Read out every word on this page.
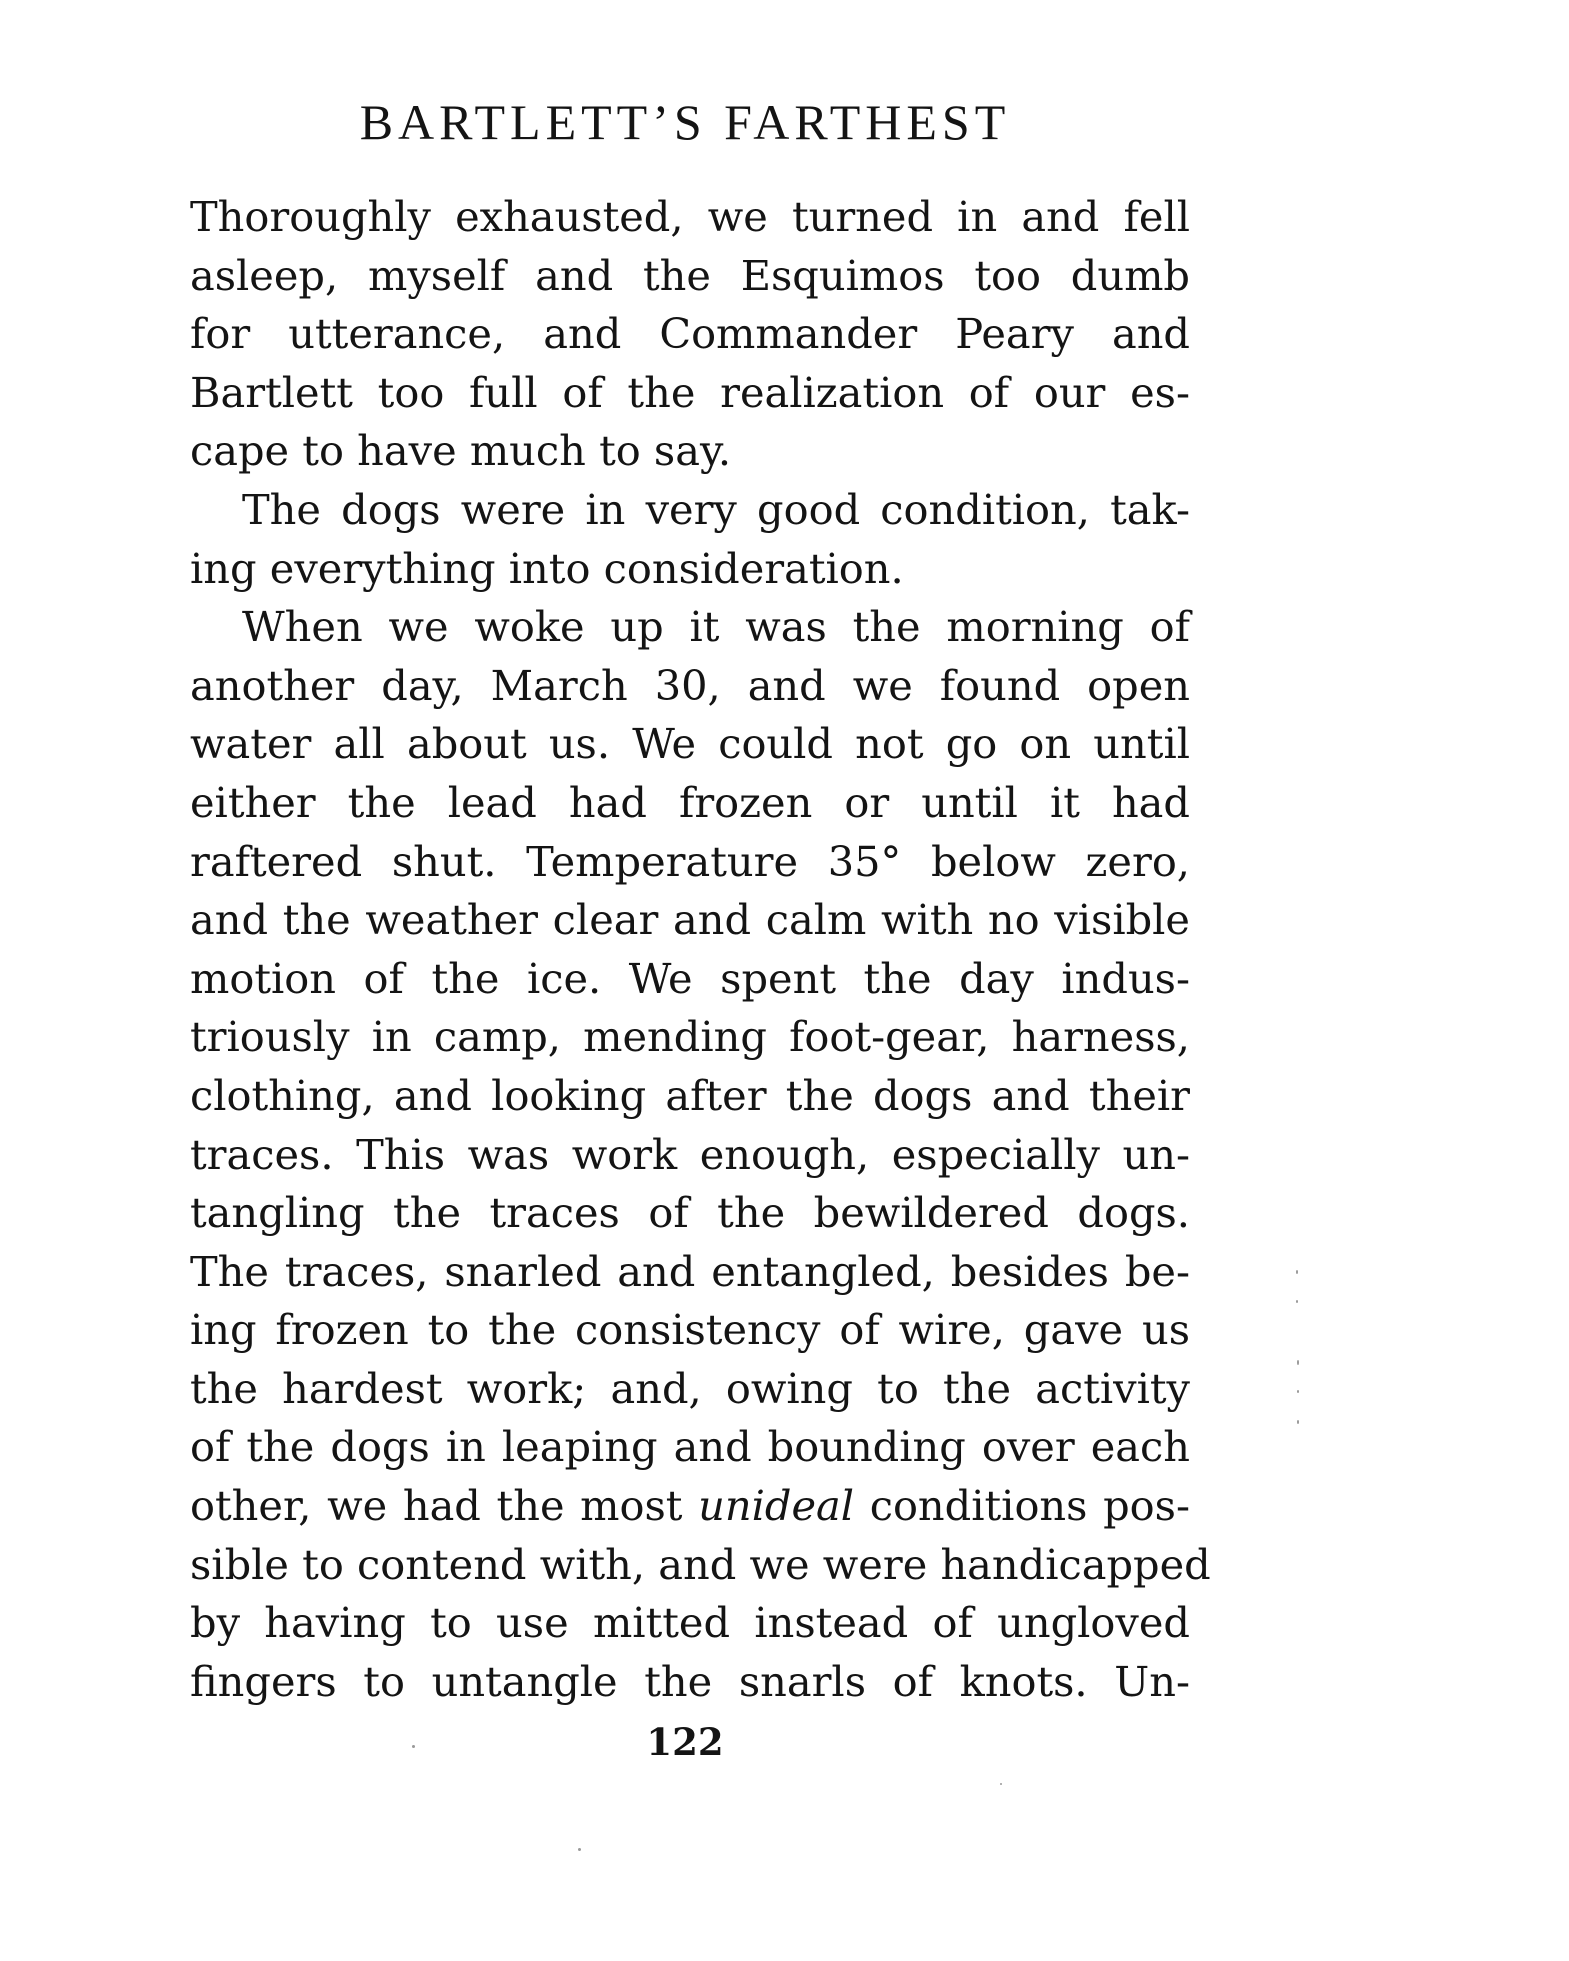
BARTLETT’S FARTHEST
Thoroughly exhausted, we turned in and fell
asleep, myself and the Esquimos too dumb
for utterance, and Commander Peary and
Bartlett too full of the realization of our es-
cape to have much to say.
The dogs were in very good condition, tak-
ing everything into consideration.
When we woke up it was the morning of
another day, March 30, and we found open
water all about us. We could not go on until
either the lead had frozen or until it had
raftered shut. Temperature 35° below zero,
and the weather clear and calm with no visible
motion of the ice. We spent the day indus-
triously in camp, mending foot-gear, harness,
clothing, and looking after the dogs and their
traces. This was work enough, especially un-
tangling the traces of the bewildered dogs.
The traces, snarled and entangled, besides be-
ing frozen to the consistency of wire, gave us
the hardest work; and, owing to the activity
of the dogs in leaping and bounding over each
other, we had the most unideal conditions pos-
sible to contend with, and we were handicapped
by having to use mitted instead of ungloved
fingers to untangle the snarls of knots. Un-
122
